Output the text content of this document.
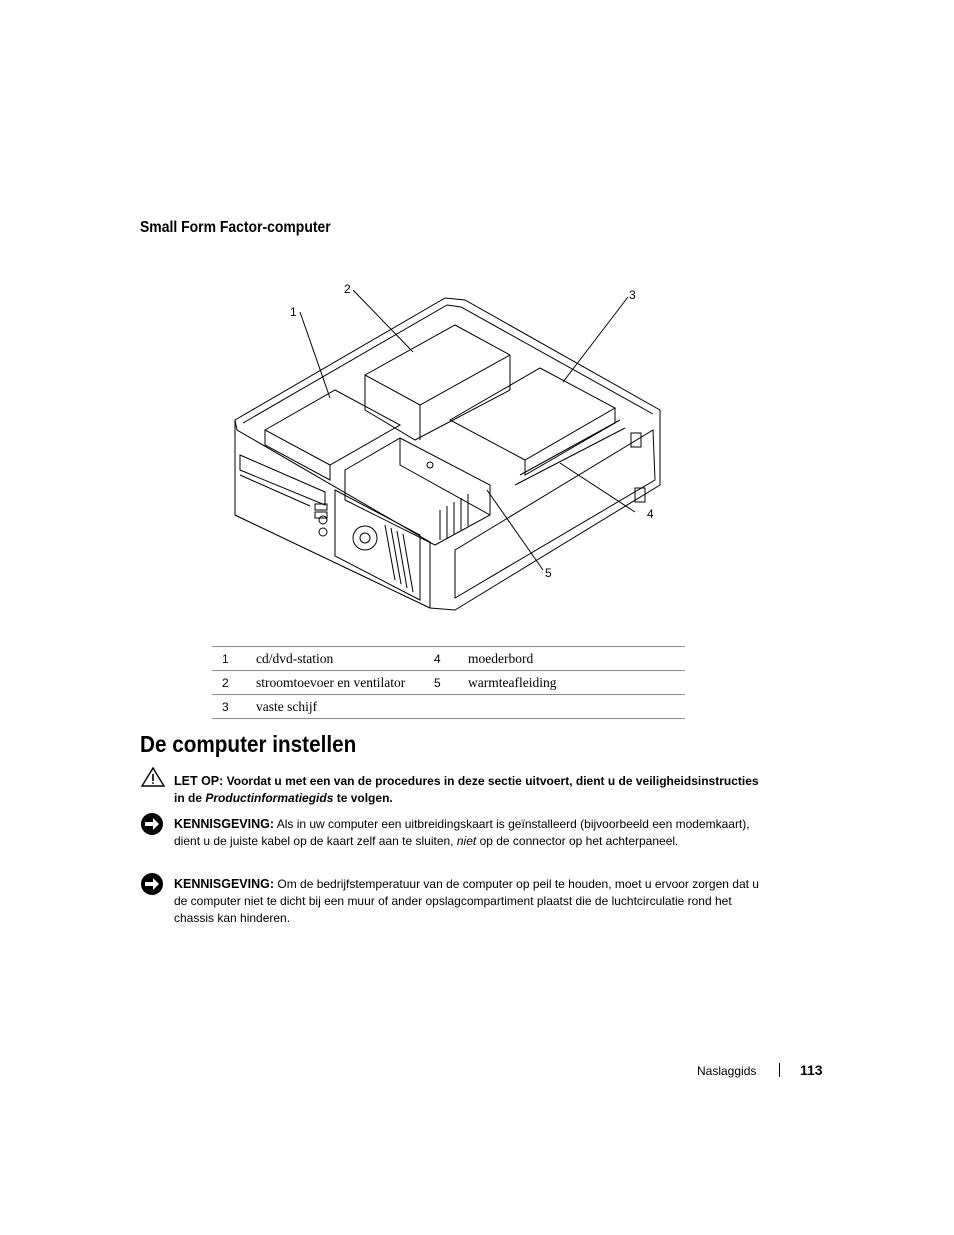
Small Form Factor-computer
1
2	3
4
5
1	cd/dvd-station	4	moederbord
2	stroomtoevoer en ventilator	5	warmteafleiding
3	vaste schijf		
De computer instellen
LET OP: Voordat u met een van de procedures in deze sectie uitvoert, dient u de veiligheidsinstructies in de Productinformatiegids te volgen.
KENNISGEVING: Als in uw computer een uitbreidingskaart is geïnstalleerd (bijvoorbeeld een modemkaart), dient u de juiste kabel op de kaart zelf aan te sluiten, niet op de connector op het achterpaneel.
KENNISGEVING: Om de bedrijfstemperatuur van de computer op peil te houden, moet u ervoor zorgen dat u de computer niet te dicht bij een muur of ander opslagcompartiment plaatst die de luchtcirculatie rond het chassis kan hinderen.
Naslaggids	113
